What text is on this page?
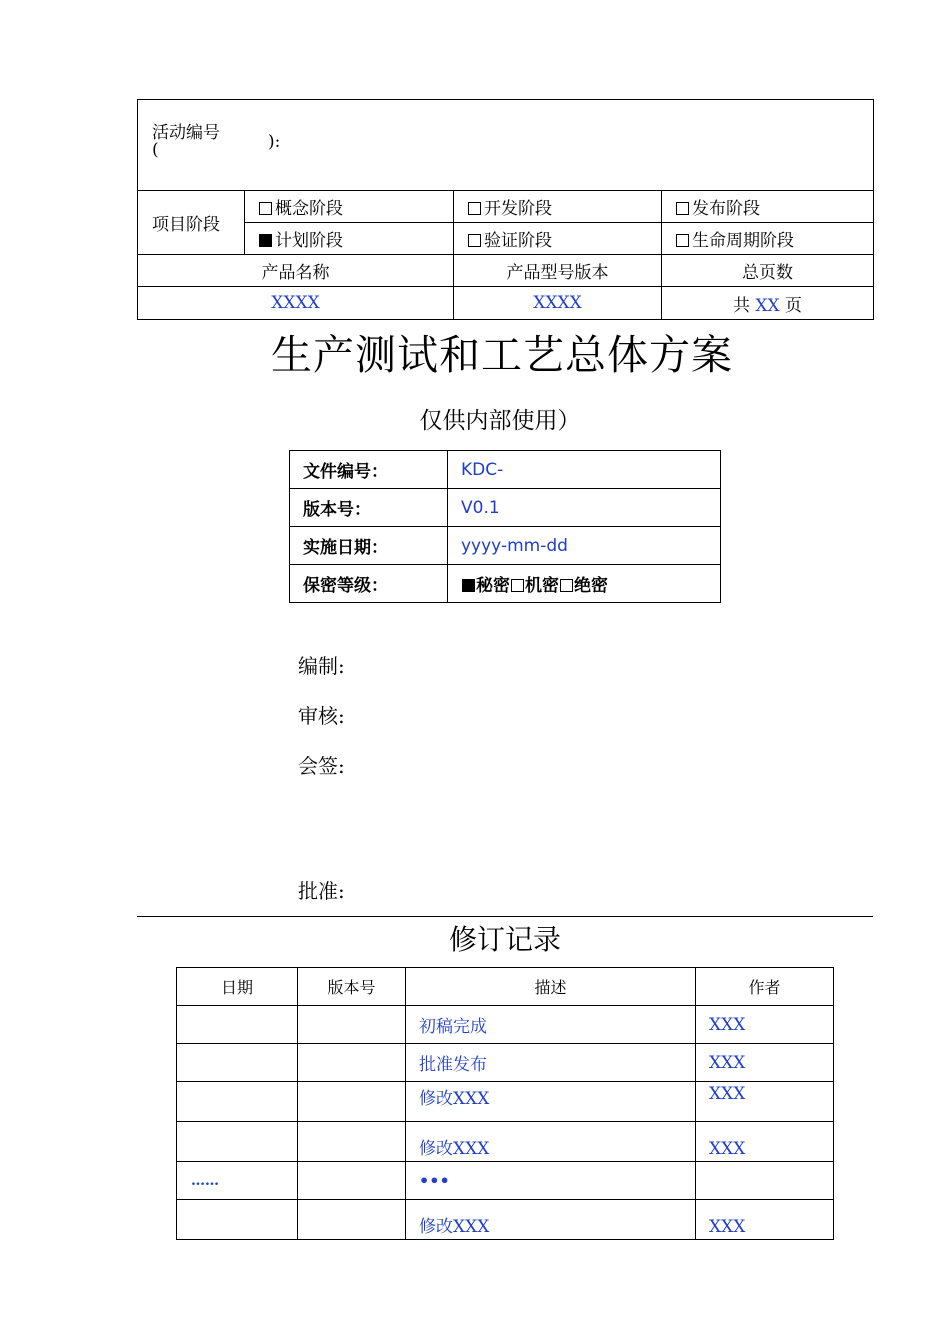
活动编号
( ):			

项目阶段	概念阶段	开发阶段	发布阶段
	计划阶段	验证阶段	生命周期阶段
产品名称		产品型号版本	总页数
XXXX		XXXX	共 XX 页
生产测试和工艺总体方案
仅供内部使用）
文件编号：	KDC-
版本号：	V0.1
实施日期：	yyyy-mm-dd
保密等级：	秘密 机密 绝密
编制:
审核:
会签:
批准:
修订记录
日期	版本号	描述	作者
		初稿完成	XXX
		批准发布	XXX
		修改XXX	XXX
		修改XXX	XXX
……		•••	
		修改XXX	XXX
